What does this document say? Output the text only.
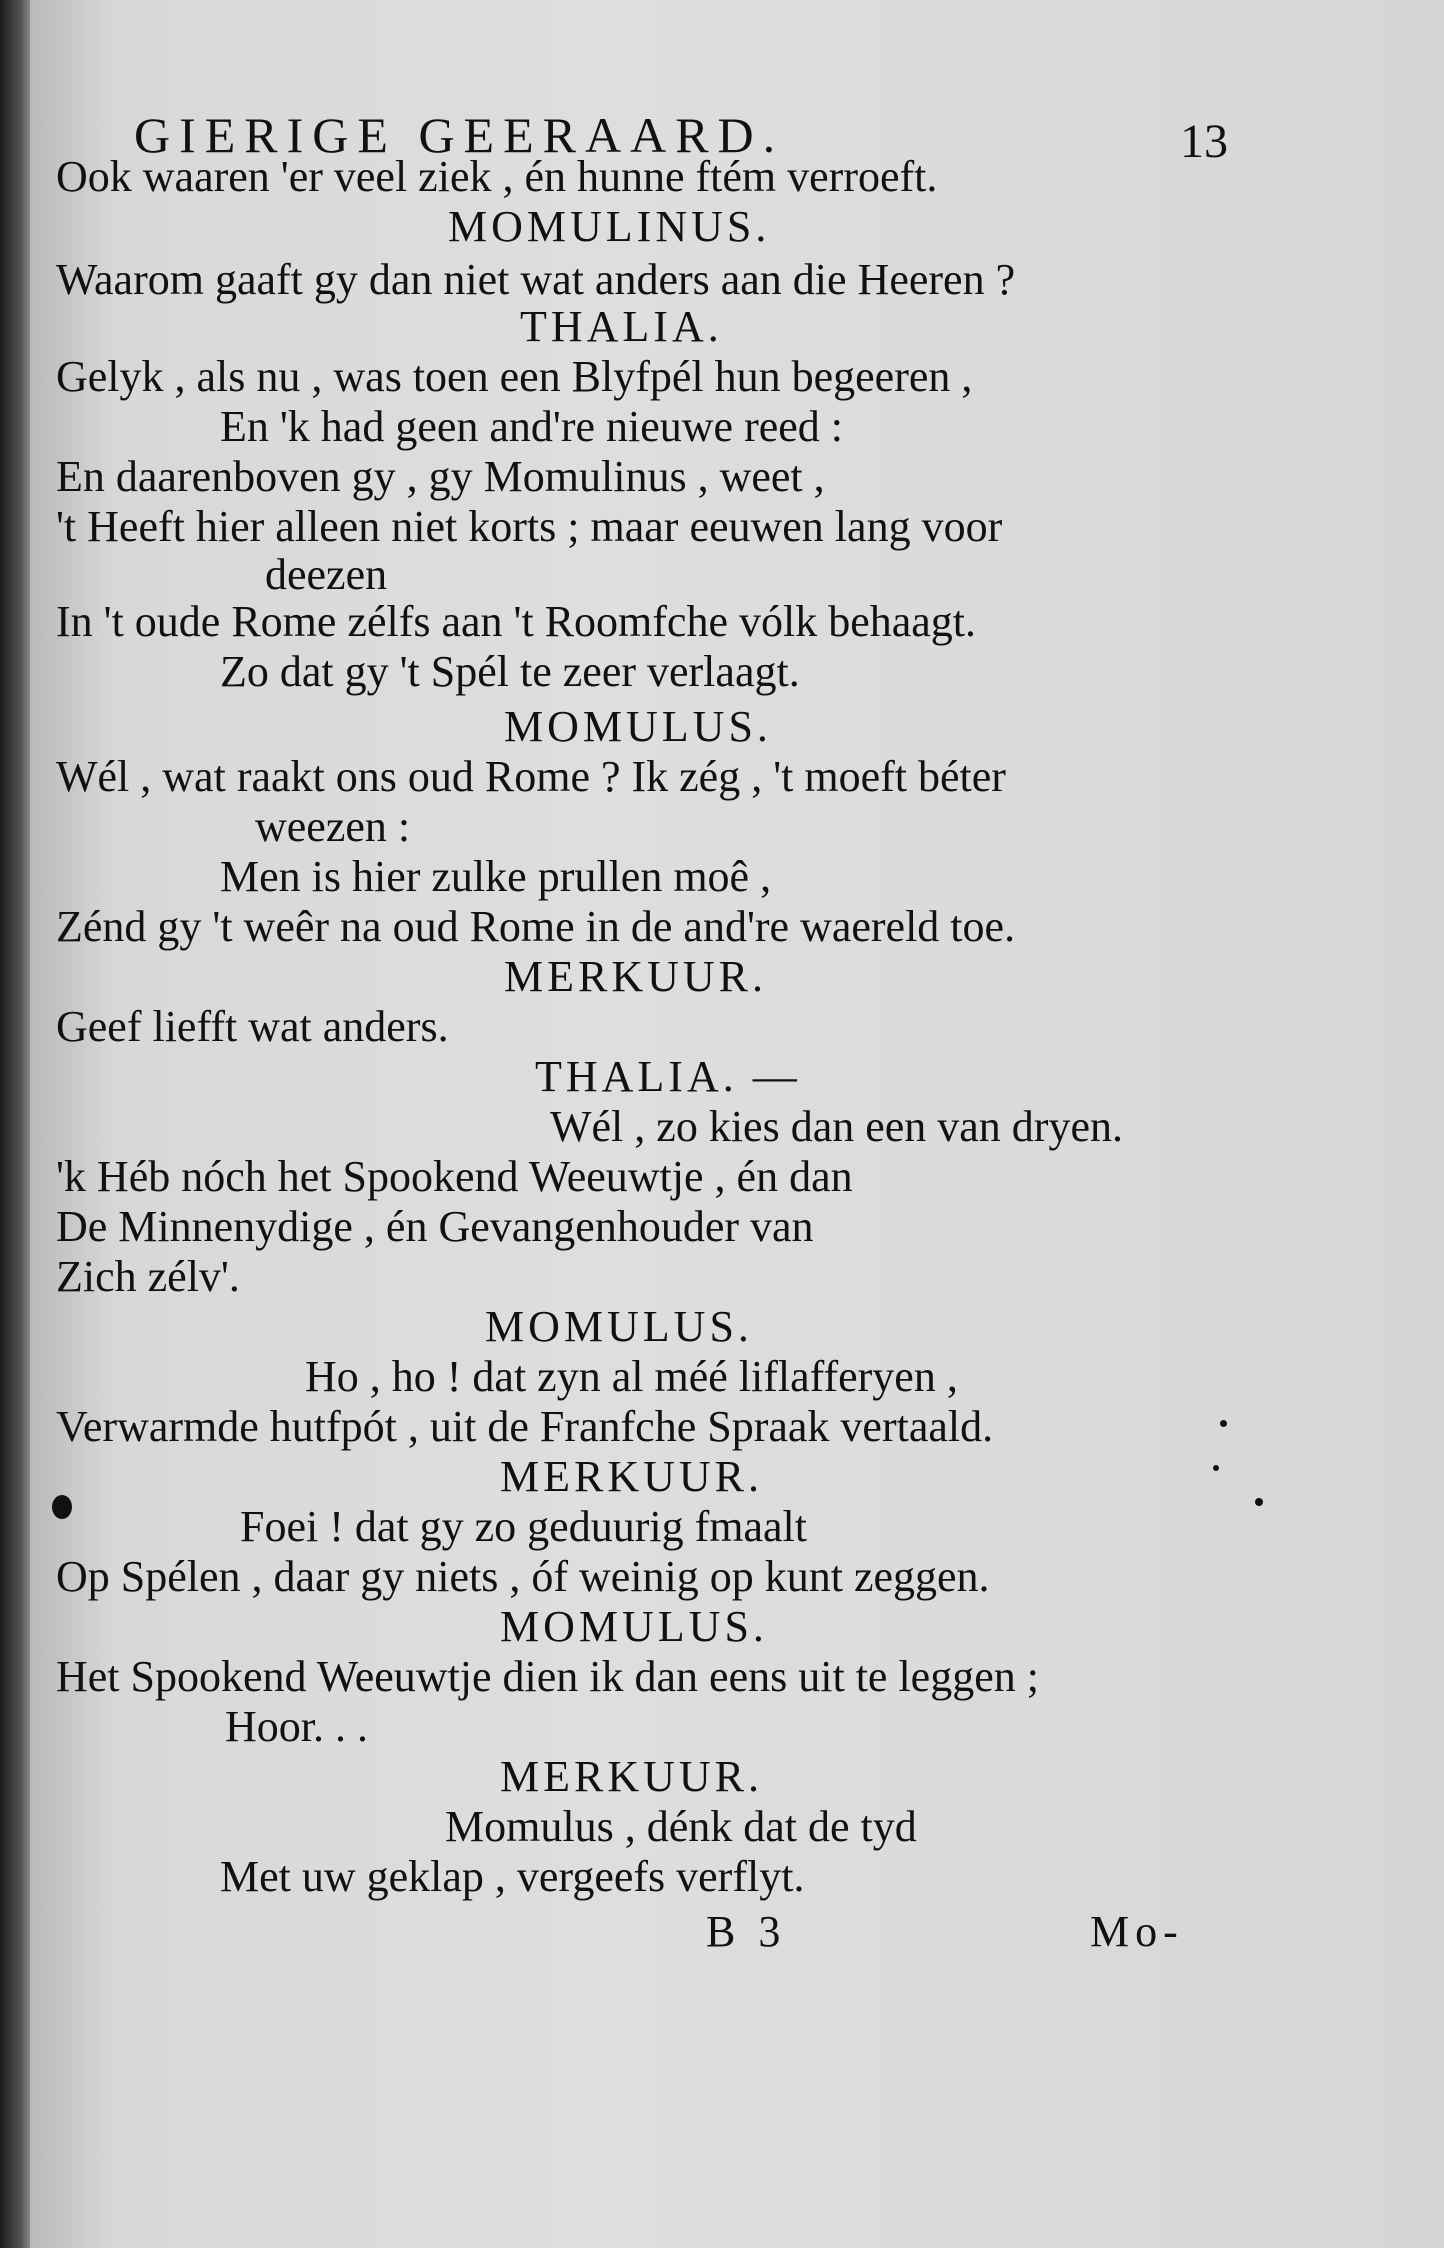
GIERIGE GEERAARD.	13
Ook waaren 'er veel ziek , én hunne ftém verroeft.
MOMULINUS.
Waarom gaaft gy dan niet wat anders aan die Heeren ?
THALIA.
Gelyk , als nu , was toen een Blyfpél hun begeeren ,
En 'k had geen and're nieuwe reed :
En daarenboven gy , gy Momulinus , weet ,
't Heeft hier alleen niet korts ; maar eeuwen lang voor
deezen
In 't oude Rome zélfs aan 't Roomfche vólk behaagt.
Zo dat gy 't Spél te zeer verlaagt.
MOMULUS.
Wél , wat raakt ons oud Rome ? Ik zég , 't moeft béter
weezen :
Men is hier zulke prullen moê ,
Zénd gy 't weêr na oud Rome in de and're waereld toe.
MERKUUR.
Geef liefft wat anders.
THALIA. —
Wél , zo kies dan een van dryen.
'k Héb nóch het Spookend Weeuwtje , én dan
De Minnenydige , én Gevangenhouder van
Zich zélv'.
MOMULUS.
Ho , ho ! dat zyn al méé liflafferyen ,
Verwarmde hutfpót , uit de Franfche Spraak vertaald.
MERKUUR.
Foei ! dat gy zo geduurig fmaalt
Op Spélen , daar gy niets , óf weinig op kunt zeggen.
MOMULUS.
Het Spookend Weeuwtje dien ik dan eens uit te leggen ;
Hoor. . .
MERKUUR.
Momulus , dénk dat de tyd
Met uw geklap , vergeefs verflyt.
B 3	Mo-
